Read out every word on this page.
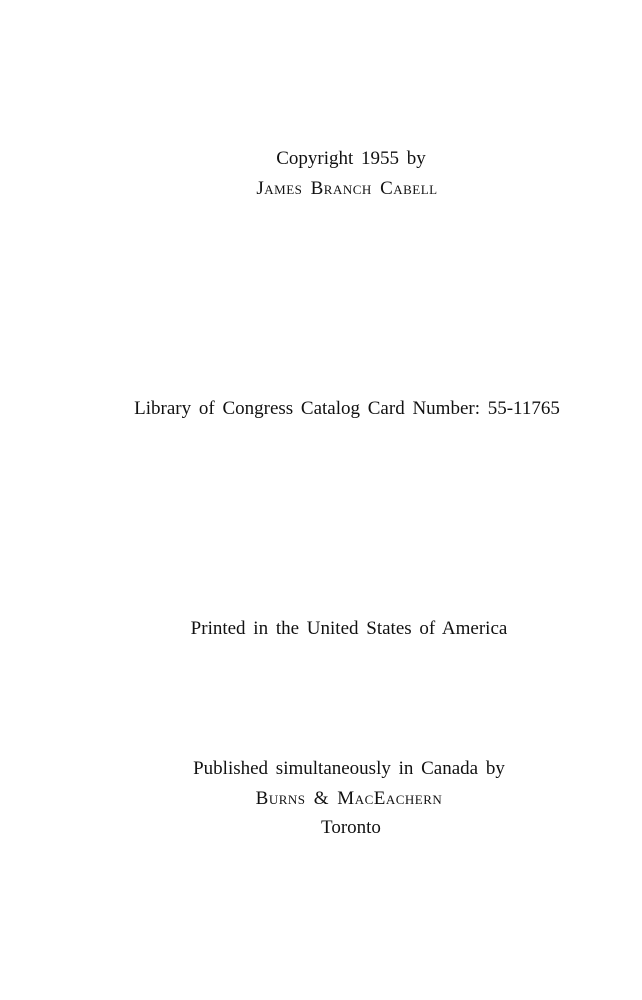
Copyright 1955 by
James Branch Cabell
Library of Congress Catalog Card Number: 55-11765
Printed in the United States of America
Published simultaneously in Canada by
Burns & MacEachern
Toronto
